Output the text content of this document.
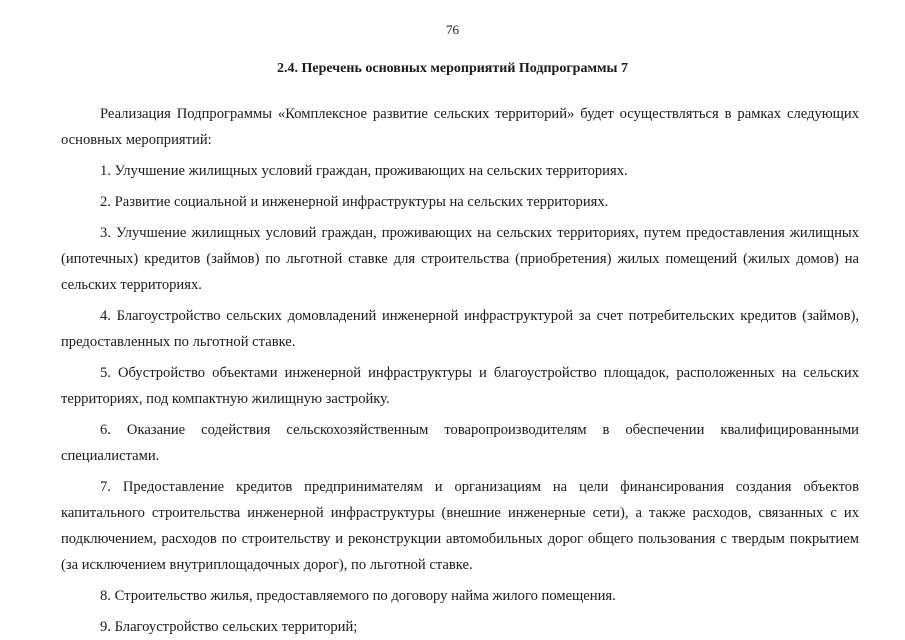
76
2.4. Перечень основных мероприятий Подпрограммы 7

Реализация Подпрограммы «Комплексное развитие сельских территорий» будет осуществляться в рамках следующих основных мероприятий:

1. Улучшение жилищных условий граждан, проживающих на сельских территориях.

2. Развитие социальной и инженерной инфраструктуры на сельских территориях.

3. Улучшение жилищных условий граждан, проживающих на сельских территориях, путем предоставления жилищных (ипотечных) кредитов (займов) по льготной ставке для строительства (приобретения) жилых помещений (жилых домов) на сельских территориях.

4. Благоустройство сельских домовладений инженерной инфраструктурой за счет потребительских кредитов (займов), предоставленных по льготной ставке.

5. Обустройство объектами инженерной инфраструктуры и благоустройство площадок, расположенных на сельских территориях, под компактную жилищную застройку.

6. Оказание содействия сельскохозяйственным товаропроизводителям в обеспечении квалифицированными специалистами.

7. Предоставление кредитов предпринимателям и организациям на цели финансирования создания объектов капитального строительства инженерной инфраструктуры (внешние инженерные сети), а также расходов, связанных с их подключением, расходов по строительству и реконструкции автомобильных дорог общего пользования с твердым покрытием (за исключением внутриплощадочных дорог), по льготной ставке.

8. Строительство жилья, предоставляемого по договору найма жилого помещения.

9. Благоустройство сельских территорий;
